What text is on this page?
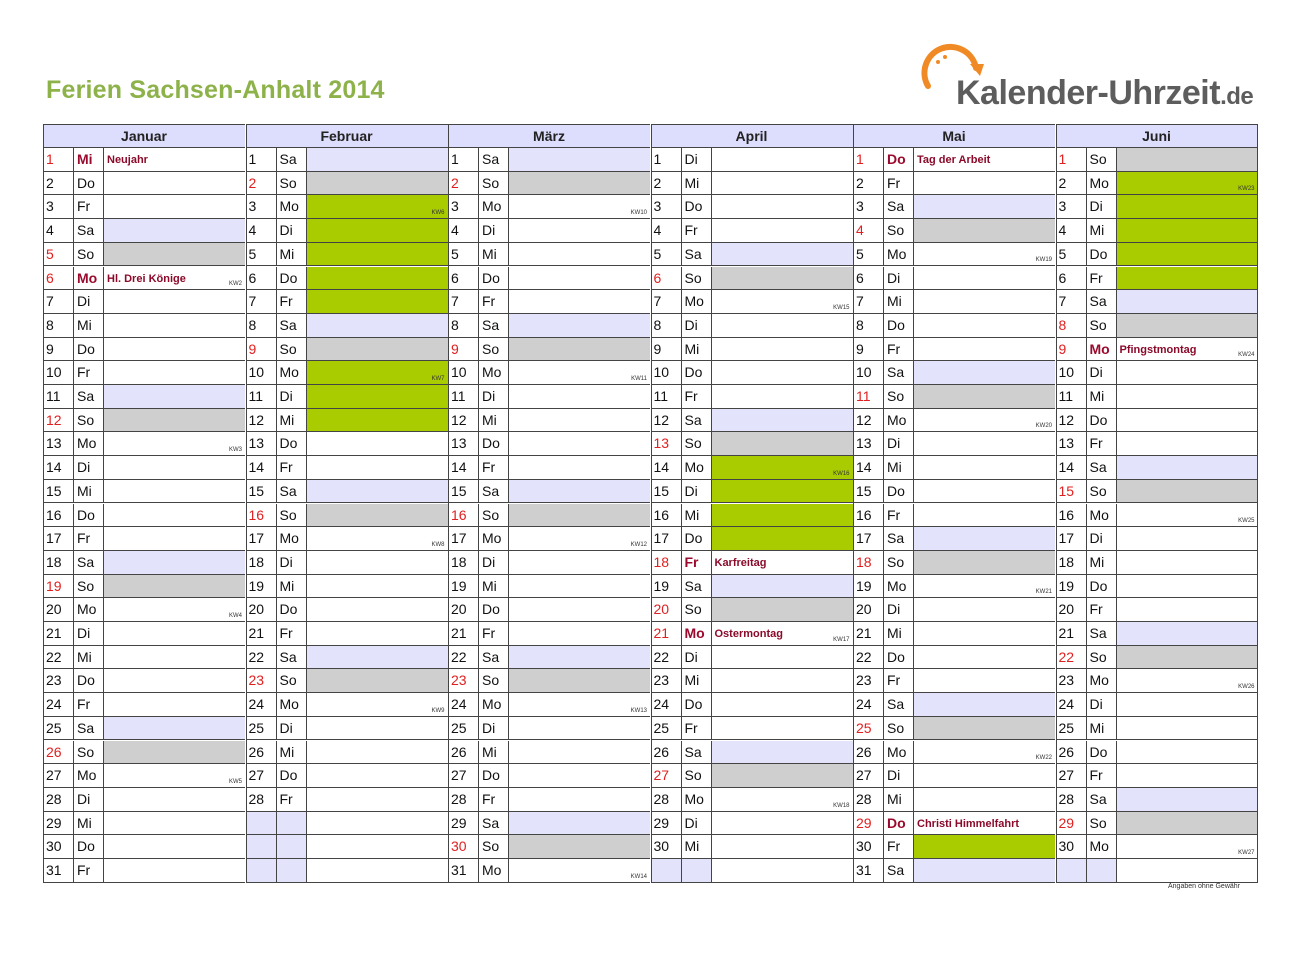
Ferien Sachsen-Anhalt 2014	Kalender-Uhrzeit.de
Januar
1	Mi	Neujahr
2	Do
3	Fr
4	Sa
5	So
6	Mo Hl. Drei Könige	KW2
7	Di
8	Mi
9	Do
10	Fr
11	Sa
12	So
13	Mo	KW3
14	Di
15	Mi
16	Do
17	Fr
18	Sa
19	So
20	Mo	KW4
21	Di
22	Mi
23	Do
24	Fr
25	Sa
26	So
27	Mo	KW5
28	Di
29	Mi
30	Do
31	Fr
Februar
1	Sa
2	So
3	Mo	KW6
4	Di
5	Mi
6	Do
7	Fr
8	Sa
9	So
10	Mo	KW7
11	Di
12	Mi
13	Do
14	Fr
15	Sa
16	So
17	Mo	KW8
18	Di
19	Mi
20	Do
21	Fr
22	Sa
23	So
24	Mo	KW9
25	Di
26	Mi
27	Do
28	Fr
März
1	Sa
2	So
3	Mo	KW10
4	Di
5	Mi
6	Do
7	Fr
8	Sa
9	So
10	Mo	KW11
11	Di
12	Mi
13	Do
14	Fr
15	Sa
16	So
17	Mo	KW12
18	Di
19	Mi
20	Do
21	Fr
22	Sa
23	So
24	Mo	KW13
25	Di
26	Mi
27	Do
28	Fr
29	Sa
30	So
31	Mo	KW14
April
1	Di
2	Mi
3	Do
4	Fr
5	Sa
6	So
7	Mo	KW15
8	Di
9	Mi
10	Do
11	Fr
12	Sa
13	So
14	Mo	KW16
15	Di
16	Mi
17	Do
18	Fr	Karfreitag
19	Sa
20	So
21	Mo Ostermontag	KW17
22	Di
23	Mi
24	Do
25	Fr
26	Sa
27	So
28	Mo	KW18
29	Di
30	Mi
Mai
1	Do	Tag der Arbeit
2	Fr
3	Sa
4	So
5	Mo	KW19
6	Di
7	Mi
8	Do
9	Fr
10	Sa
11	So
12	Mo	KW20
13	Di
14	Mi
15	Do
16	Fr
17	Sa
18	So
19	Mo	KW21
20	Di
21	Mi
22	Do
23	Fr
24	Sa
25	So
26	Mo	KW22
27	Di
28	Mi
29	Do	Christi Himmelfahrt
30	Fr
31	Sa
Juni
1	So
2	Mo	KW23
3	Di
4	Mi
5	Do
6	Fr
7	Sa
8	So
9	Mo Pfingstmontag	KW24
10	Di
11	Mi
12	Do
13	Fr
14	Sa
15	So
16	Mo	KW25
17	Di
18	Mi
19	Do
20	Fr
21	Sa
22	So
23	Mo	KW26
24	Di
25	Mi
26	Do
27	Fr
28	Sa
29	So
30	Mo	KW27
Angaben ohne Gewähr
